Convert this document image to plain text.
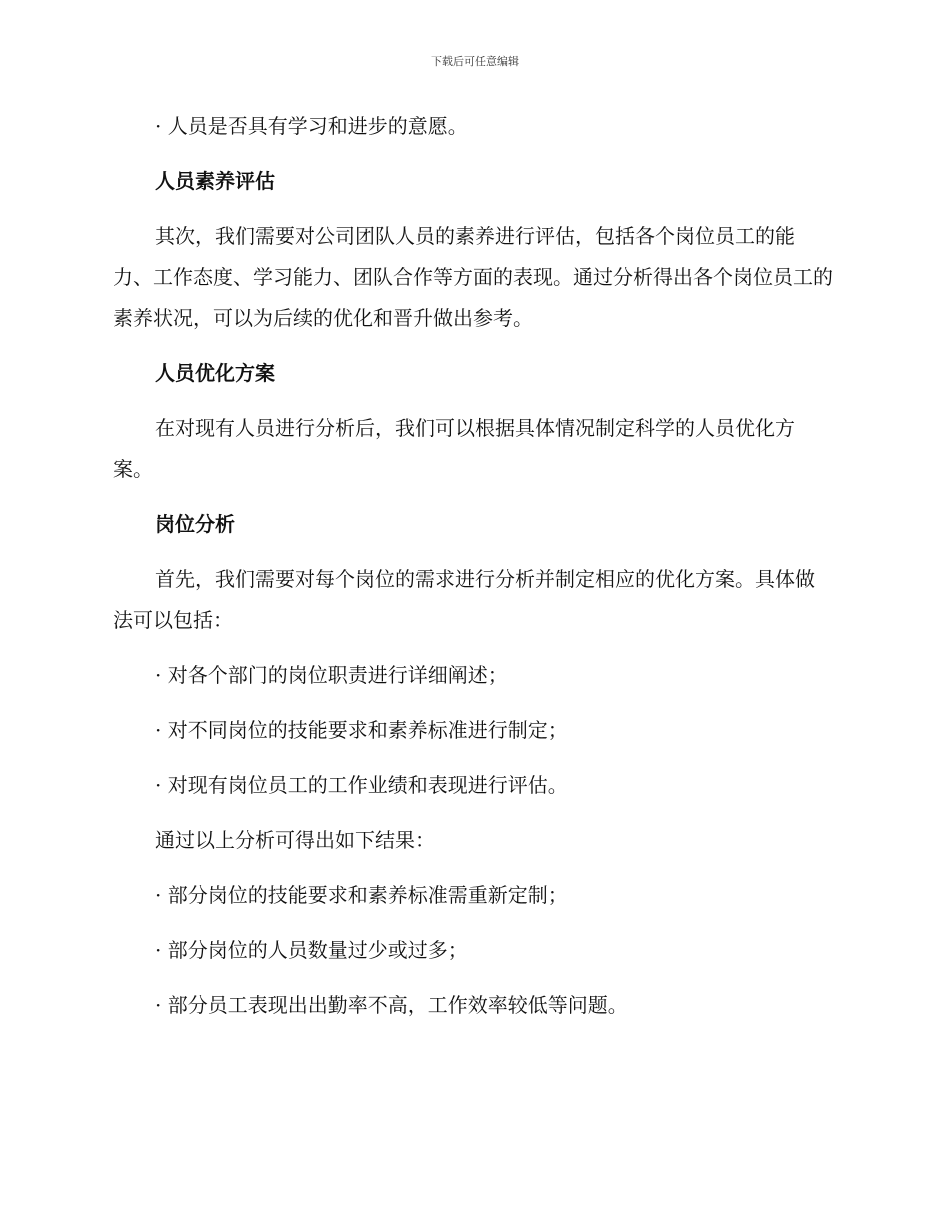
下载后可任意编辑

· 人员是否具有学习和进步的意愿。

人员素养评估

其次，我们需要对公司团队人员的素养进行评估，包括各个岗位员工的能力、工作态度、学习能力、团队合作等方面的表现。通过分析得出各个岗位员工的素养状况，可以为后续的优化和晋升做出参考。

人员优化方案

在对现有人员进行分析后，我们可以根据具体情况制定科学的人员优化方案。

岗位分析

首先，我们需要对每个岗位的需求进行分析并制定相应的优化方案。具体做法可以包括：

· 对各个部门的岗位职责进行详细阐述；

· 对不同岗位的技能要求和素养标准进行制定；

· 对现有岗位员工的工作业绩和表现进行评估。

通过以上分析可得出如下结果：

· 部分岗位的技能要求和素养标准需重新定制；

· 部分岗位的人员数量过少或过多；

· 部分员工表现出出勤率不高，工作效率较低等问题。
